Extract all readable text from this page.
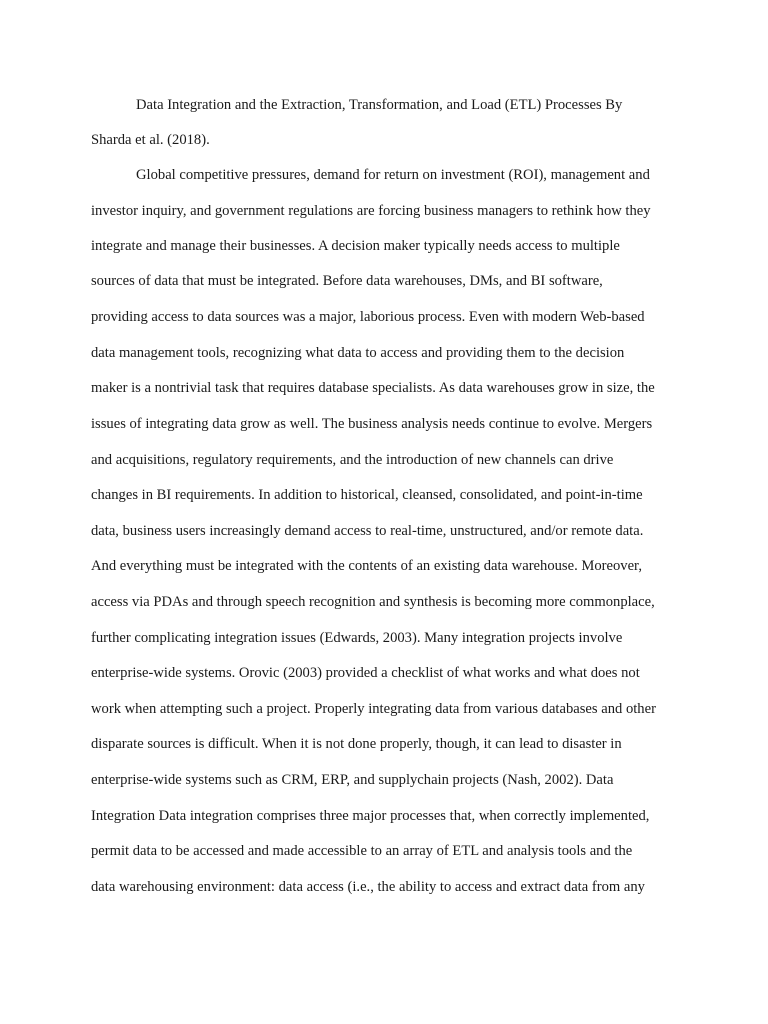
Data Integration and the Extraction, Transformation, and Load (ETL) Processes By
Sharda et al. (2018).
Global competitive pressures, demand for return on investment (ROI), management and
investor inquiry, and government regulations are forcing business managers to rethink how they
integrate and manage their businesses. A decision maker typically needs access to multiple
sources of data that must be integrated. Before data warehouses, DMs, and BI software,
providing access to data sources was a major, laborious process. Even with modern Web-based
data management tools, recognizing what data to access and providing them to the decision
maker is a nontrivial task that requires database specialists. As data warehouses grow in size, the
issues of integrating data grow as well. The business analysis needs continue to evolve. Mergers
and acquisitions, regulatory requirements, and the introduction of new channels can drive
changes in BI requirements. In addition to historical, cleansed, consolidated, and point-in-time
data, business users increasingly demand access to real-time, unstructured, and/or remote data.
And everything must be integrated with the contents of an existing data warehouse. Moreover,
access via PDAs and through speech recognition and synthesis is becoming more commonplace,
further complicating integration issues (Edwards, 2003). Many integration projects involve
enterprise-wide systems. Orovic (2003) provided a checklist of what works and what does not
work when attempting such a project. Properly integrating data from various databases and other
disparate sources is difficult. When it is not done properly, though, it can lead to disaster in
enterprise-wide systems such as CRM, ERP, and supplychain projects (Nash, 2002). Data
Integration Data integration comprises three major processes that, when correctly implemented,
permit data to be accessed and made accessible to an array of ETL and analysis tools and the
data warehousing environment: data access (i.e., the ability to access and extract data from any
